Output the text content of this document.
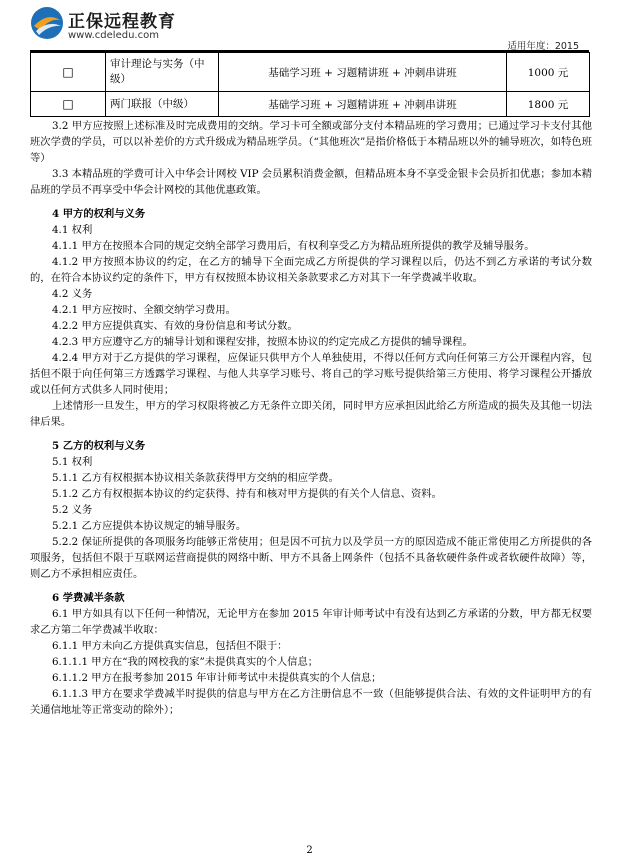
正保远程教育
www.cdeledu.com
适用年度：2015
□	审计理论与实务（中级）	基础学习班 + 习题精讲班 + 冲刺串讲班	1000 元
□	两门联报（中级）	基础学习班 + 习题精讲班 + 冲刺串讲班	1800 元

3.2 甲方应按照上述标准及时完成费用的交纳。学习卡可全额或部分支付本精品班的学习费用；已通过学习卡支付其他班次学费的学员，可以以补差价的方式升级成为精品班学员。（“其他班次”是指价格低于本精品班以外的辅导班次，如特色班等）

3.3 本精品班的学费可计入中华会计网校 VIP 会员累积消费金额，但精品班本身不享受金银卡会员折扣优惠；参加本精品班的学员不再享受中华会计网校的其他优惠政策。

4 甲方的权利与义务

4.1 权利

4.1.1 甲方在按照本合同的规定交纳全部学习费用后，有权利享受乙方为精品班所提供的教学及辅导服务。

4.1.2 甲方按照本协议的约定，在乙方的辅导下全面完成乙方所提供的学习课程以后，仍达不到乙方承诺的考试分数的，在符合本协议约定的条件下，甲方有权按照本协议相关条款要求乙方对其下一年学费减半收取。

4.2 义务

4.2.1 甲方应按时、全额交纳学习费用。

4.2.2 甲方应提供真实、有效的身份信息和考试分数。

4.2.3 甲方应遵守乙方的辅导计划和课程安排，按照本协议的约定完成乙方提供的辅导课程。

4.2.4 甲方对于乙方提供的学习课程，应保证只供甲方个人单独使用，不得以任何方式向任何第三方公开课程内容，包括但不限于向任何第三方透露学习课程、与他人共享学习账号、将自己的学习账号提供给第三方使用、将学习课程公开播放或以任何方式供多人同时使用；

上述情形一旦发生，甲方的学习权限将被乙方无条件立即关闭，同时甲方应承担因此给乙方所造成的损失及其他一切法律后果。

5 乙方的权利与义务

5.1 权利

5.1.1 乙方有权根据本协议相关条款获得甲方交纳的相应学费。

5.1.2 乙方有权根据本协议的约定获得、持有和核对甲方提供的有关个人信息、资料。

5.2 义务

5.2.1 乙方应提供本协议规定的辅导服务。

5.2.2 保证所提供的各项服务均能够正常使用；但是因不可抗力以及学员一方的原因造成不能正常使用乙方所提供的各项服务，包括但不限于互联网运营商提供的网络中断、甲方不具备上网条件（包括不具备软硬件条件或者软硬件故障）等，则乙方不承担相应责任。

6 学费减半条款

6.1 甲方如具有以下任何一种情况，无论甲方在参加 2015 年审计师考试中有没有达到乙方承诺的分数，甲方都无权要求乙方第二年学费减半收取：

6.1.1 甲方未向乙方提供真实信息，包括但不限于：

6.1.1.1 甲方在“我的网校我的家”未提供真实的个人信息；

6.1.1.2 甲方在报考参加 2015 年审计师考试中未提供真实的个人信息；

6.1.1.3 甲方在要求学费减半时提供的信息与甲方在乙方注册信息不一致（但能够提供合法、有效的文件证明甲方的有关通信地址等正常变动的除外）；

2
